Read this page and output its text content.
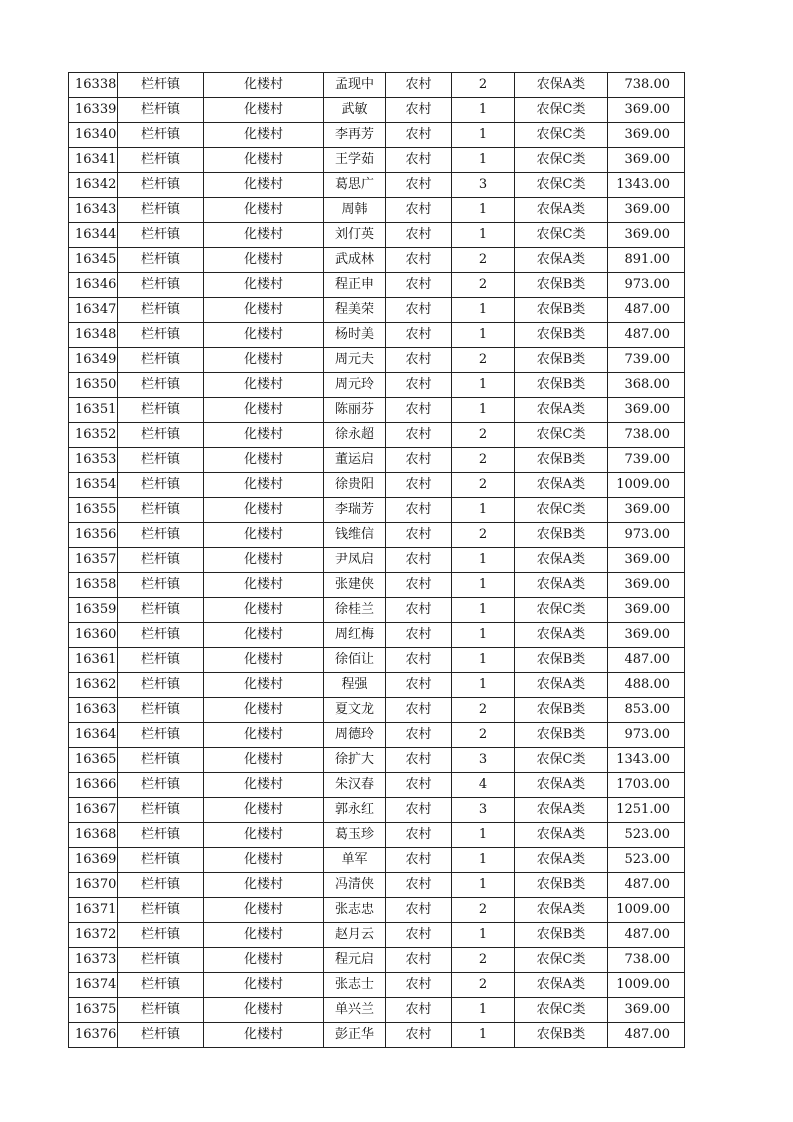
16338	栏杆镇	化楼村	孟现中	农村	2	农保A类	738.00
16339	栏杆镇	化楼村	武敏	农村	1	农保C类	369.00
16340	栏杆镇	化楼村	李再芳	农村	1	农保C类	369.00
16341	栏杆镇	化楼村	王学茹	农村	1	农保C类	369.00
16342	栏杆镇	化楼村	葛思广	农村	3	农保C类	1343.00
16343	栏杆镇	化楼村	周韩	农村	1	农保A类	369.00
16344	栏杆镇	化楼村	刘仃英	农村	1	农保C类	369.00
16345	栏杆镇	化楼村	武成林	农村	2	农保A类	891.00
16346	栏杆镇	化楼村	程正申	农村	2	农保B类	973.00
16347	栏杆镇	化楼村	程美荣	农村	1	农保B类	487.00
16348	栏杆镇	化楼村	杨时美	农村	1	农保B类	487.00
16349	栏杆镇	化楼村	周元夫	农村	2	农保B类	739.00
16350	栏杆镇	化楼村	周元玲	农村	1	农保B类	368.00
16351	栏杆镇	化楼村	陈丽芬	农村	1	农保A类	369.00
16352	栏杆镇	化楼村	徐永超	农村	2	农保C类	738.00
16353	栏杆镇	化楼村	董运启	农村	2	农保B类	739.00
16354	栏杆镇	化楼村	徐贵阳	农村	2	农保A类	1009.00
16355	栏杆镇	化楼村	李瑞芳	农村	1	农保C类	369.00
16356	栏杆镇	化楼村	钱维信	农村	2	农保B类	973.00
16357	栏杆镇	化楼村	尹凤启	农村	1	农保A类	369.00
16358	栏杆镇	化楼村	张建侠	农村	1	农保A类	369.00
16359	栏杆镇	化楼村	徐桂兰	农村	1	农保C类	369.00
16360	栏杆镇	化楼村	周红梅	农村	1	农保A类	369.00
16361	栏杆镇	化楼村	徐佰让	农村	1	农保B类	487.00
16362	栏杆镇	化楼村	程强	农村	1	农保A类	488.00
16363	栏杆镇	化楼村	夏文龙	农村	2	农保B类	853.00
16364	栏杆镇	化楼村	周德玲	农村	2	农保B类	973.00
16365	栏杆镇	化楼村	徐扩大	农村	3	农保C类	1343.00
16366	栏杆镇	化楼村	朱汉春	农村	4	农保A类	1703.00
16367	栏杆镇	化楼村	郭永红	农村	3	农保A类	1251.00
16368	栏杆镇	化楼村	葛玉珍	农村	1	农保A类	523.00
16369	栏杆镇	化楼村	单军	农村	1	农保A类	523.00
16370	栏杆镇	化楼村	冯清侠	农村	1	农保B类	487.00
16371	栏杆镇	化楼村	张志忠	农村	2	农保A类	1009.00
16372	栏杆镇	化楼村	赵月云	农村	1	农保B类	487.00
16373	栏杆镇	化楼村	程元启	农村	2	农保C类	738.00
16374	栏杆镇	化楼村	张志士	农村	2	农保A类	1009.00
16375	栏杆镇	化楼村	单兴兰	农村	1	农保C类	369.00
16376	栏杆镇	化楼村	彭正华	农村	1	农保B类	487.00
